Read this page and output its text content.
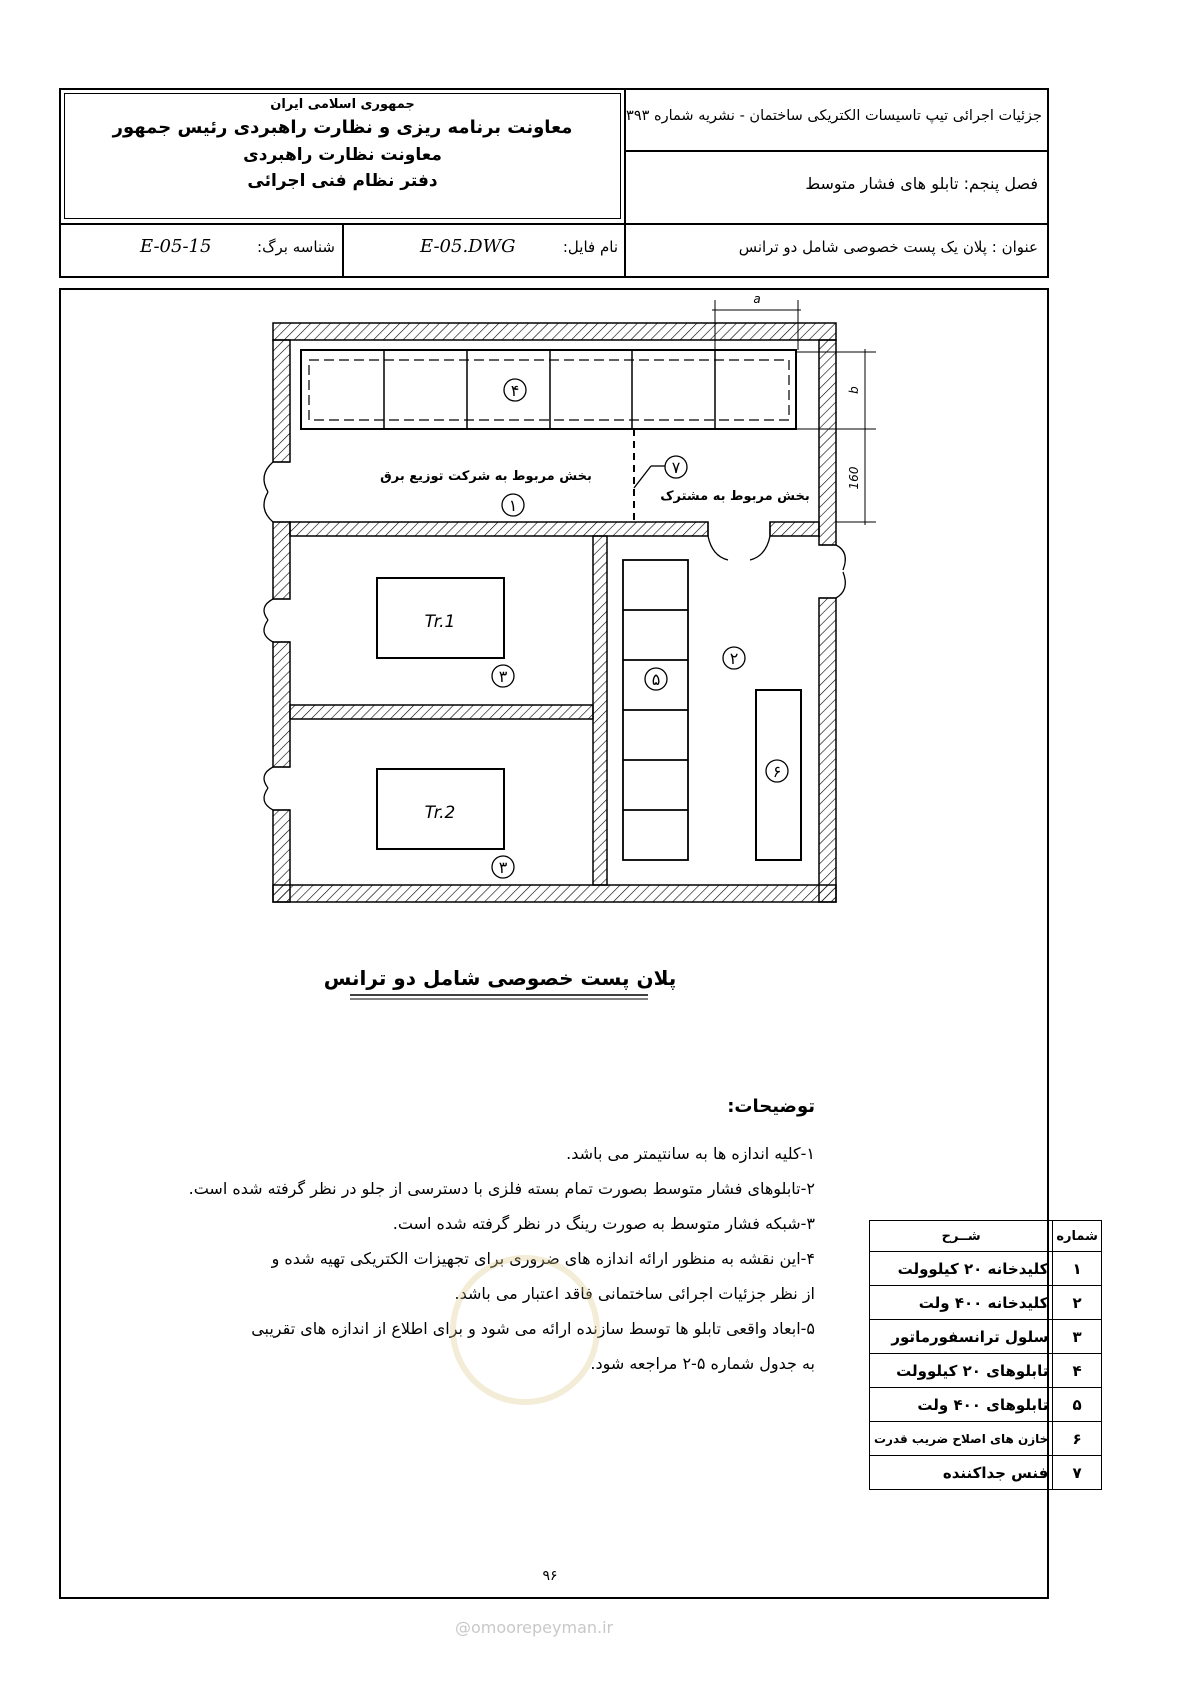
جمهوری اسلامی ایران
معاونت برنامه ریزی و نظارت راهبردی رئیس جمهور
معاونت نظارت راهبردی
دفتر نظام فنی اجرائی
جزئیات اجرائی تیپ تاسیسات الکتریکی ساختمان - نشریه شماره ۳۹۳
فصل پنجم: تابلو های فشار متوسط
عنوان : پلان یک پست خصوصی شامل دو ترانس
نام فایل:
E-05.DWG
شناسه برگ:
E-05-15
a
b
160
Tr.1
Tr.2
بخش مربوط به شرکت توزیع برق
بخش مربوط به مشترک
۴
۱
۲
۳
۳
۵
۶
۷
پلان پست خصوصی شامل دو ترانس

توضیحات:

۱-کلیه اندازه ها به سانتیمتر می باشد.

۲-تابلوهای فشار متوسط بصورت تمام بسته فلزی با دسترسی از جلو در نظر گرفته شده است.

۳-شبکه فشار متوسط به صورت رینگ در نظر گرفته شده است.

۴-این نقشه به منظور ارائه اندازه های ضروری برای تجهیزات الکتریکی تهیه شده و

از نظر جزئیات اجرائی ساختمانی فاقد اعتبار می باشد.

۵-ابعاد واقعی تابلو ها توسط سازنده ارائه می شود و برای اطلاع از اندازه های تقریبی

به جدول شماره ۵-۲ مراجعه شود.

۹۶
شماره	شــرح
۱	کلیدخانه ۲۰ کیلوولت
۲	کلیدخانه ۴۰۰ ولت
۳	سلول ترانسفورماتور
۴	تابلوهای ۲۰ کیلوولت
۵	تابلوهای ۴۰۰ ولت
۶	خازن های اصلاح ضریب قدرت
۷	فنس جداکننده
@omoorepeyman.ir
